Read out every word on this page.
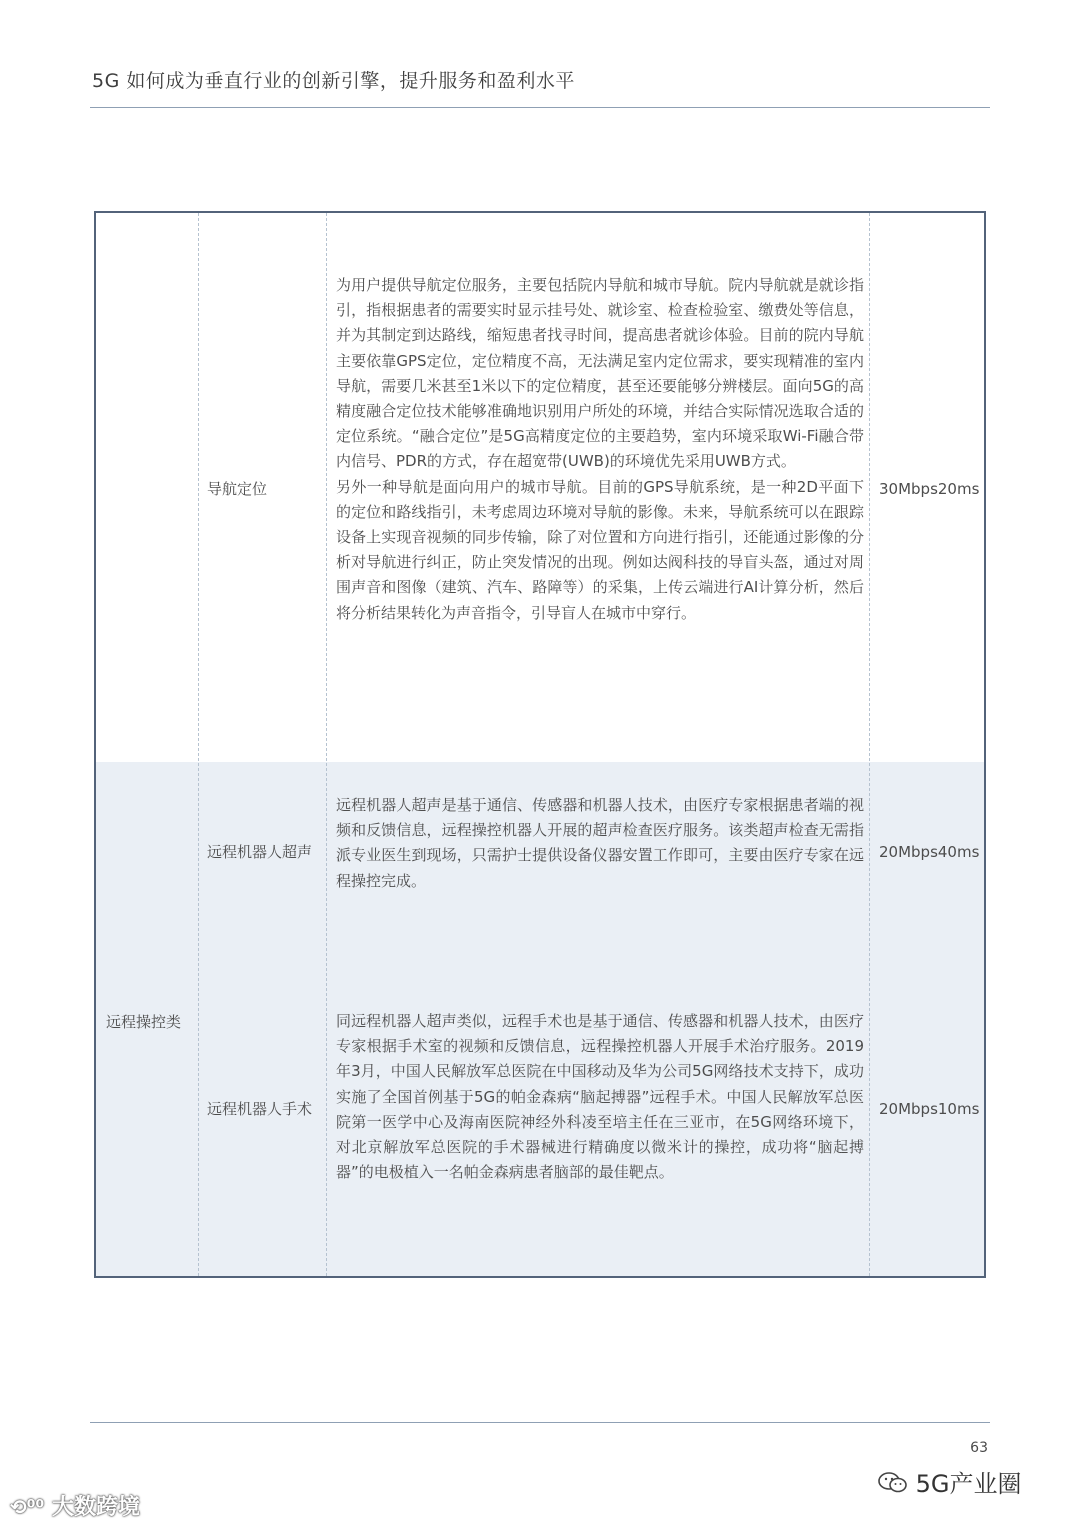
5G 如何成为垂直行业的创新引擎，提升服务和盈利水平
远程操控类
导航定位

为用户提供导航定位服务，主要包括院内导航和城市导航。院内导航就是就诊指引，指根据患者的需要实时显示挂号处、就诊室、检查检验室、缴费处等信息，并为其制定到达路线，缩短患者找寻时间，提高患者就诊体验。目前的院内导航主要依靠GPS定位，定位精度不高，无法满足室内定位需求，要实现精准的室内导航，需要几米甚至1米以下的定位精度，甚至还要能够分辨楼层。面向5G的高精度融合定位技术能够准确地识别用户所处的环境，并结合实际情况选取合适的定位系统。“融合定位”是5G高精度定位的主要趋势，室内环境采取Wi-Fi融合带内信号、PDR的方式，存在超宽带(UWB)的环境优先采用UWB方式。

另外一种导航是面向用户的城市导航。目前的GPS导航系统，是一种2D平面下的定位和路线指引，未考虑周边环境对导航的影像。未来，导航系统可以在跟踪设备上实现音视频的同步传输，除了对位置和方向进行指引，还能通过影像的分析对导航进行纠正，防止突发情况的出现。例如达阀科技的导盲头盔，通过对周围声音和图像（建筑、汽车、路障等）的采集，上传云端进行AI计算分析，然后将分析结果转化为声音指令，引导盲人在城市中穿行。

30Mbps20ms
远程机器人超声

远程机器人超声是基于通信、传感器和机器人技术，由医疗专家根据患者端的视频和反馈信息，远程操控机器人开展的超声检查医疗服务。该类超声检查无需指派专业医生到现场，只需护士提供设备仪器安置工作即可，主要由医疗专家在远程操控完成。

20Mbps40ms
远程机器人手术

同远程机器人超声类似，远程手术也是基于通信、传感器和机器人技术，由医疗专家根据手术室的视频和反馈信息，远程操控机器人开展手术治疗服务。2019年3月，中国人民解放军总医院在中国移动及华为公司5G网络技术支持下，成功实施了全国首例基于5G的帕金森病“脑起搏器”远程手术。中国人民解放军总医院第一医学中心及海南医院神经外科凌至培主任在三亚市，在5G网络环境下，对北京解放军总医院的手术器械进行精确度以微米计的操控，成功将“脑起搏器”的电极植入一名帕金森病患者脑部的最佳靶点。

20Mbps10ms
63
5G产业圈
⟲⁰⁰ 大数跨境
